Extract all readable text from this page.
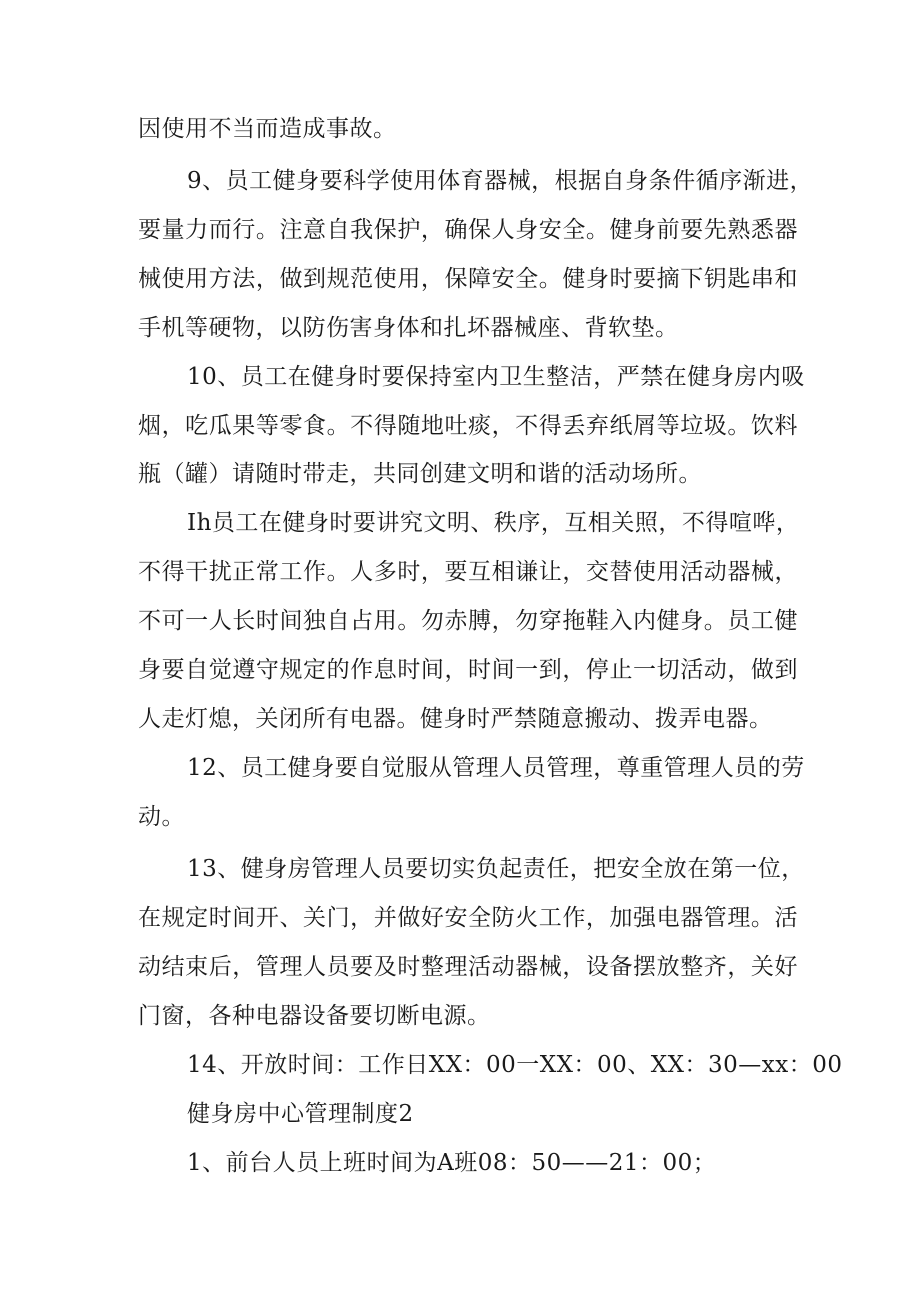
因使用不当而造成事故。
9、员工健身要科学使用体育器械，根据自身条件循序渐进，
要量力而行。注意自我保护，确保人身安全。健身前要先熟悉器
械使用方法，做到规范使用，保障安全。健身时要摘下钥匙串和
手机等硬物，以防伤害身体和扎坏器械座、背软垫。
10、员工在健身时要保持室内卫生整洁，严禁在健身房内吸
烟，吃瓜果等零食。不得随地吐痰，不得丢弃纸屑等垃圾。饮料
瓶（罐）请随时带走，共同创建文明和谐的活动场所。
Ih员工在健身时要讲究文明、秩序，互相关照，不得喧哗，
不得干扰正常工作。人多时，要互相谦让，交替使用活动器械，
不可一人长时间独自占用。勿赤膊，勿穿拖鞋入内健身。员工健
身要自觉遵守规定的作息时间，时间一到，停止一切活动，做到
人走灯熄，关闭所有电器。健身时严禁随意搬动、拨弄电器。
12、员工健身要自觉服从管理人员管理，尊重管理人员的劳
动。
13、健身房管理人员要切实负起责任，把安全放在第一位，
在规定时间开、关门，并做好安全防火工作，加强电器管理。活
动结束后，管理人员要及时整理活动器械，设备摆放整齐，关好
门窗，各种电器设备要切断电源。
14、开放时间：工作日XX：00一XX：00、XX：30—xx：00
健身房中心管理制度2
1、前台人员上班时间为A班08：50——21：00；
